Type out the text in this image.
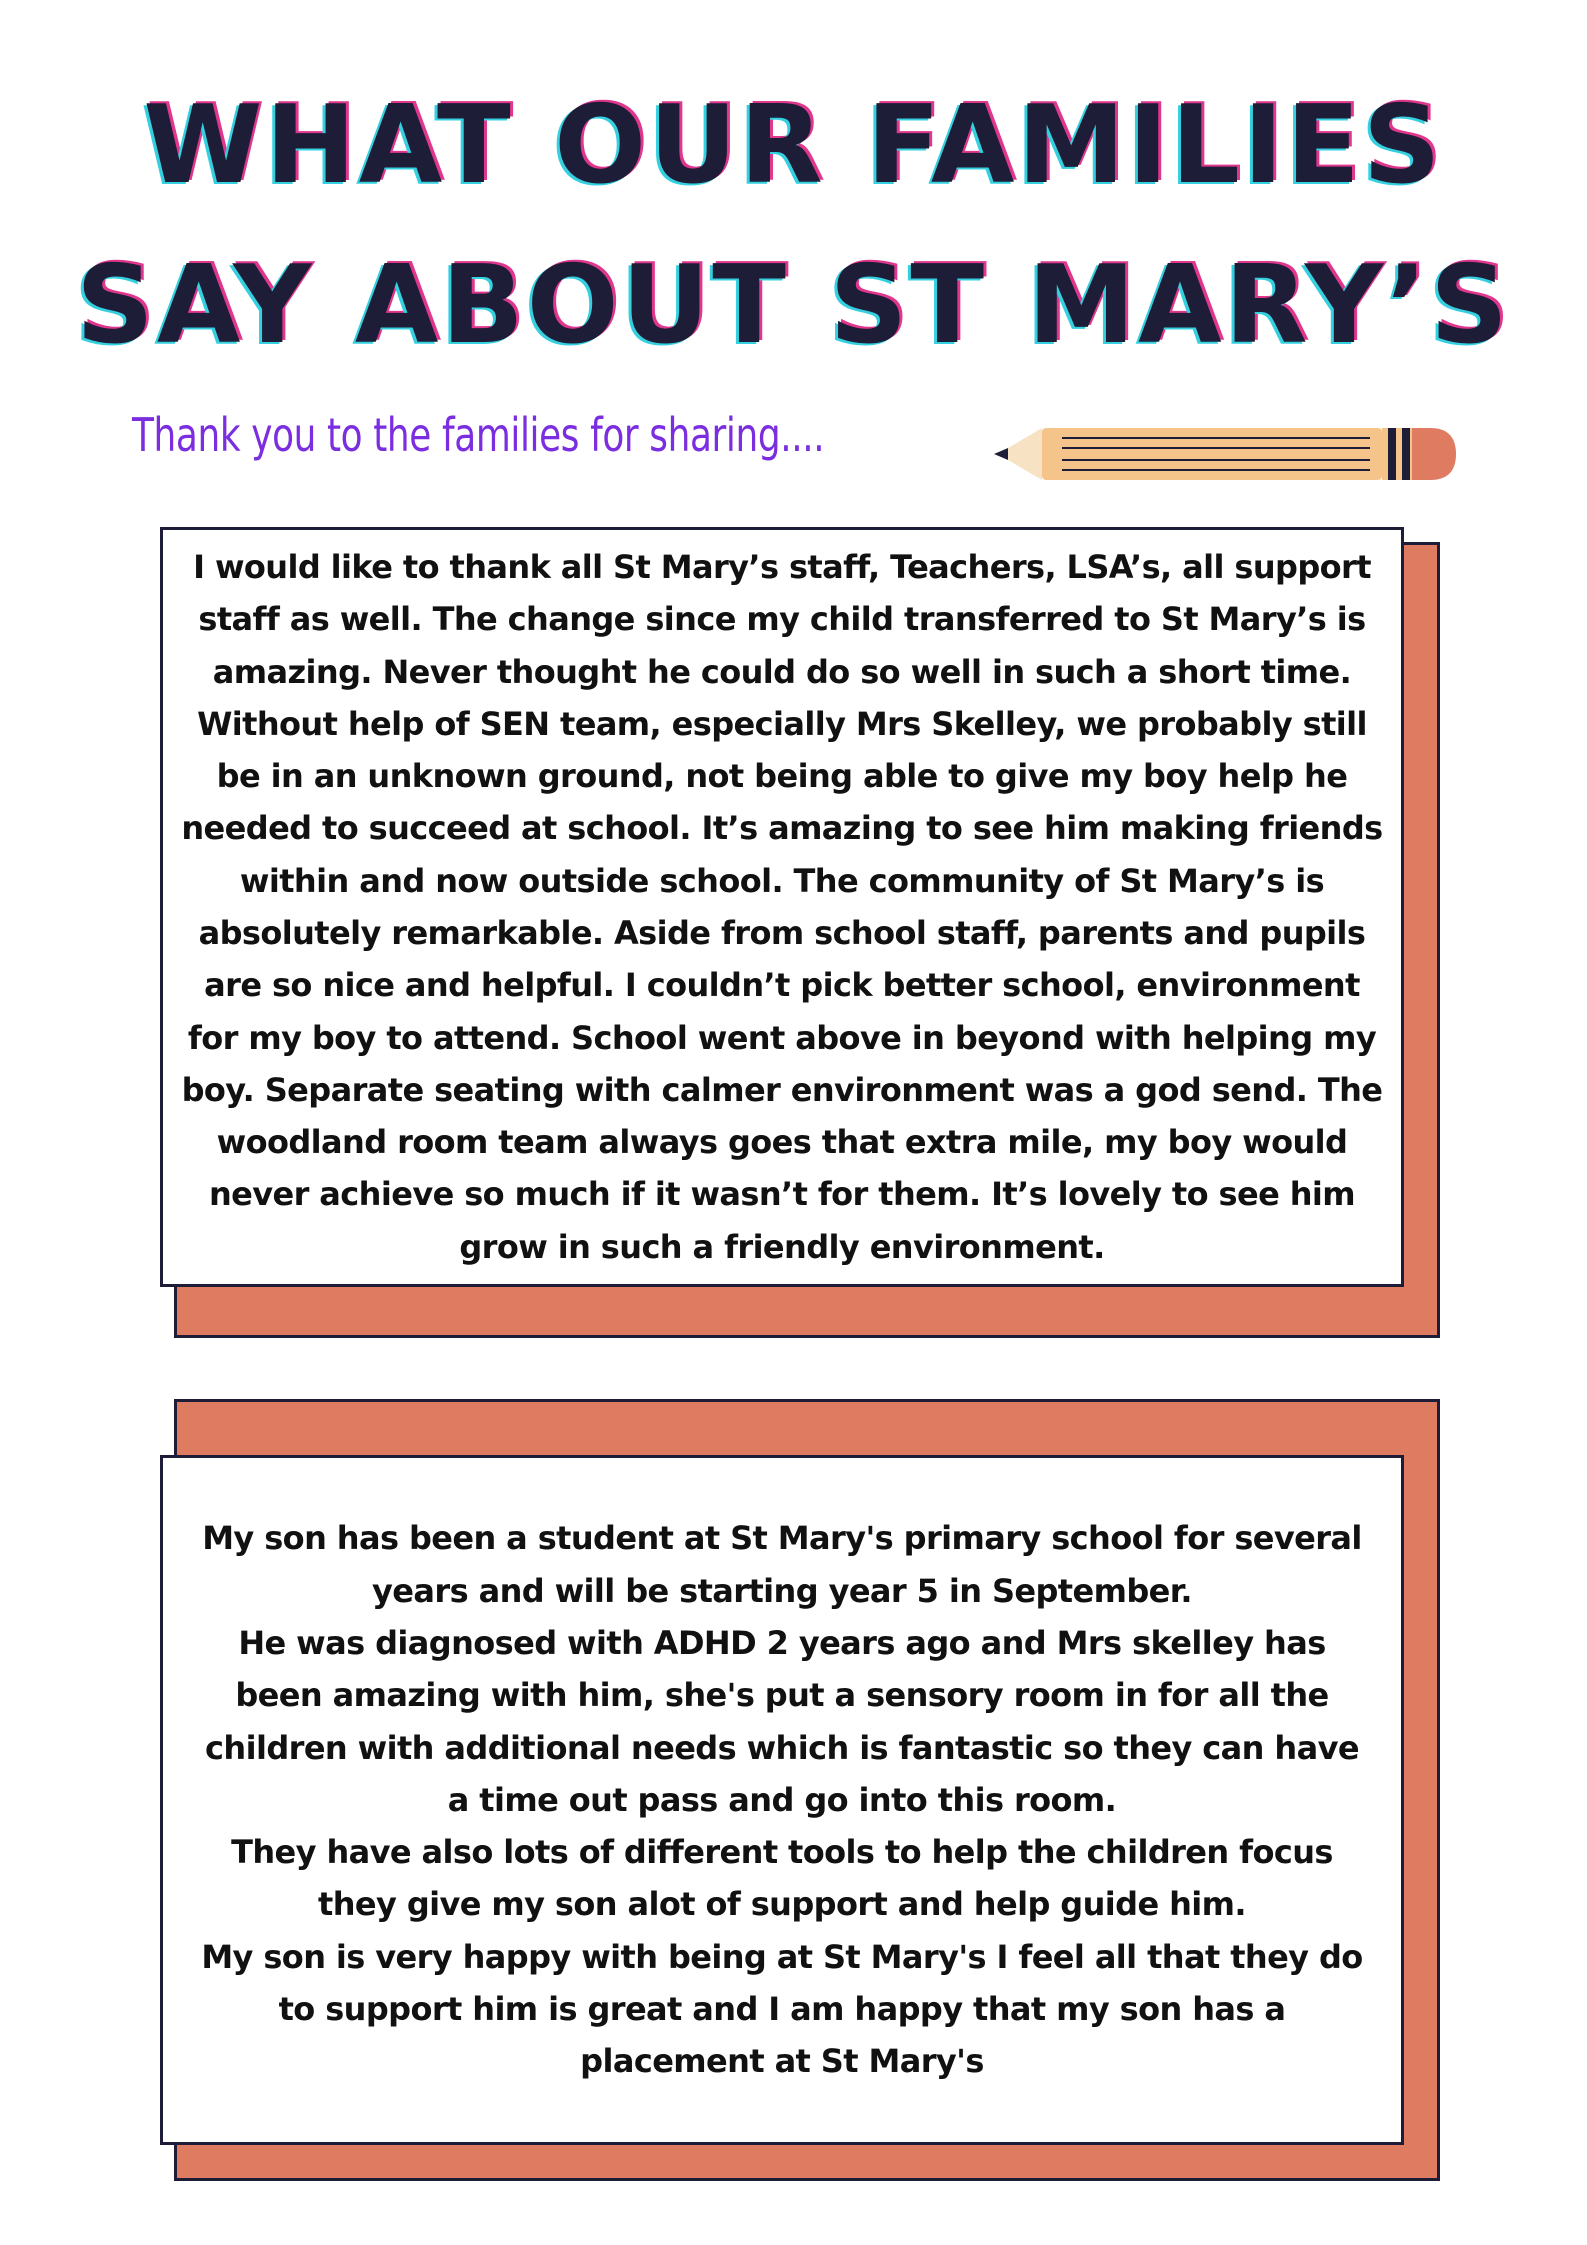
WHAT OUR FAMILIES
SAY ABOUT ST MARY’S
Thank you to the families for sharing....

I would like to thank all St Mary’s staff, Teachers, LSA’s, all support
staff as well. The change since my child transferred to St Mary’s is
amazing. Never thought he could do so well in such a short time.
Without help of SEN team, especially Mrs Skelley, we probably still
be in an unknown ground, not being able to give my boy help he
needed to succeed at school. It’s amazing to see him making friends
within and now outside school. The community of St Mary’s is
absolutely remarkable. Aside from school staff, parents and pupils
are so nice and helpful. I couldn’t pick better school, environment
for my boy to attend. School went above in beyond with helping my
boy. Separate seating with calmer environment was a god send. The
woodland room team always goes that extra mile, my boy would
never achieve so much if it wasn’t for them. It’s lovely to see him
grow in such a friendly environment.

My son has been a student at St Mary's primary school for several
years and will be starting year 5 in September.
He was diagnosed with ADHD 2 years ago and Mrs skelley has
been amazing with him, she's put a sensory room in for all the
children with additional needs which is fantastic so they can have
a time out pass and go into this room.
They have also lots of different tools to help the children focus
they give my son alot of support and help guide him.
My son is very happy with being at St Mary's I feel all that they do
to support him is great and I am happy that my son has a
placement at St Mary's
